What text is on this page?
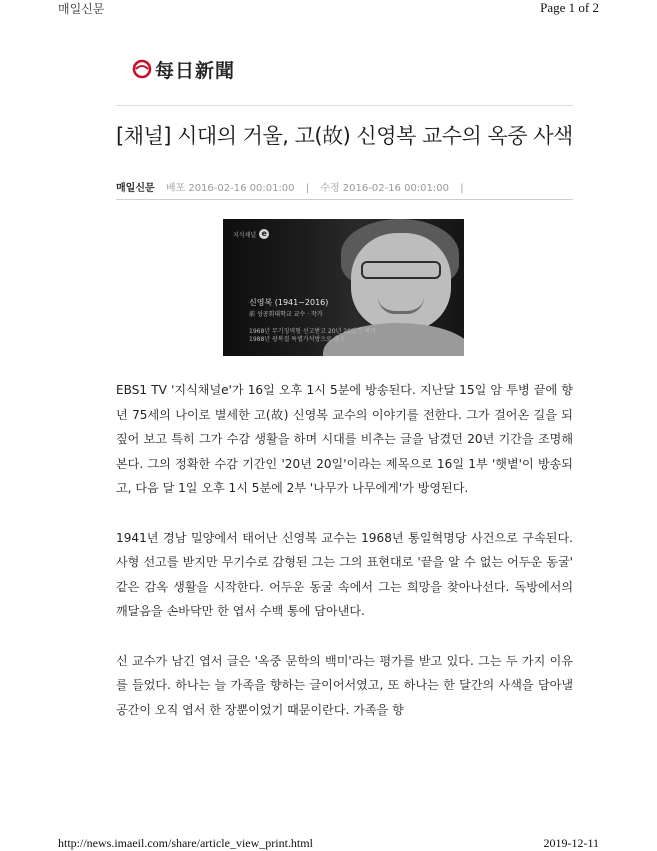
매일신문	Page 1 of 2
每日新聞
[채널] 시대의 거울, 고(故) 신영복 교수의 옥중 사색
매일신문 배포 2016-02-16 00:01:00 | 수정 2016-02-16 00:01:00 |
지식채널 e
신영복 (1941~2016)
前 성공회대학교 교수 · 작가
1968년 무기징역형 선고받고 20년 20일간 복역
1988년 광복절 특별가석방으로 출소

EBS1 TV '지식채널e'가 16일 오후 1시 5분에 방송된다. 지난달 15일 암 투병 끝에 향년 75세의 나이로 별세한 고(故) 신영복 교수의 이야기를 전한다. 그가 걸어온 길을 되짚어 보고 특히 그가 수감 생활을 하며 시대를 비추는 글을 남겼던 20년 기간을 조명해본다. 그의 정확한 수감 기간인 '20년 20일'이라는 제목으로 16일 1부 '햇볕'이 방송되고, 다음 달 1일 오후 1시 5분에 2부 '나무가 나무에게'가 방영된다.

1941년 경남 밀양에서 태어난 신영복 교수는 1968년 통일혁명당 사건으로 구속된다. 사형 선고를 받지만 무기수로 감형된 그는 그의 표현대로 '끝을 알 수 없는 어두운 동굴' 같은 감옥 생활을 시작한다. 어두운 동굴 속에서 그는 희망을 찾아나선다. 독방에서의 깨달음을 손바닥만 한 엽서 수백 통에 담아낸다.

신 교수가 남긴 엽서 글은 '옥중 문학의 백미'라는 평가를 받고 있다. 그는 두 가지 이유를 들었다. 하나는 늘 가족을 향하는 글이어서였고, 또 하나는 한 달간의 사색을 담아낼 공간이 오직 엽서 한 장뿐이었기 때문이란다. 가족을 향

http://news.imaeil.com/share/article_view_print.html	2019-12-11
